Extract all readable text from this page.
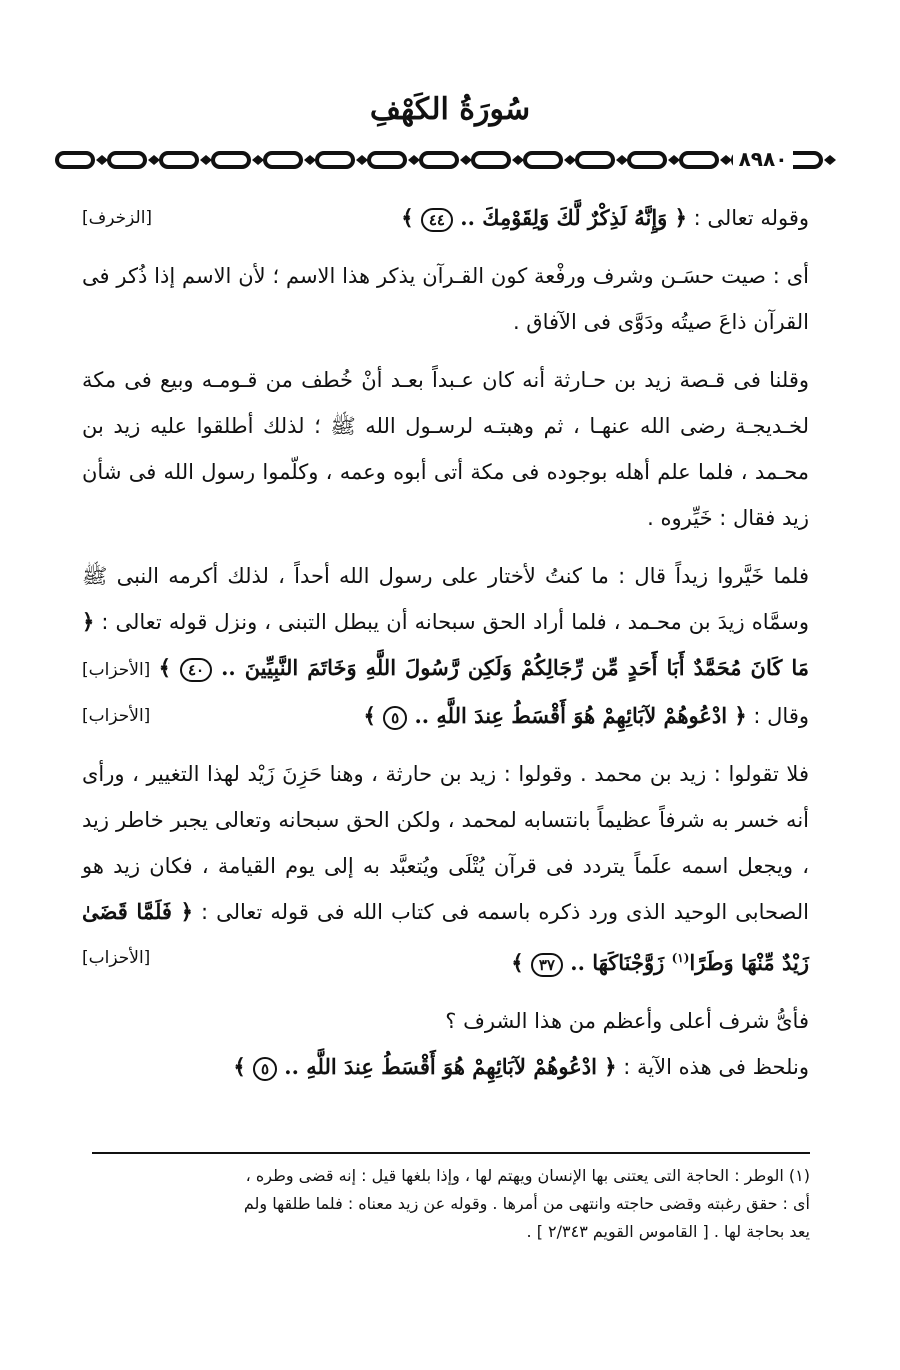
سُورَةُ الكَهْفِ
٨٩٨٠

وقوله تعالى : ﴿ وَإِنَّهُ لَذِكْرٌ لَّكَ وَلِقَوْمِكَ .. ٤٤ ﴾
[الزخرف]

أى : صيت حسَـن وشرف ورفْعة كون القـرآن يذكر هذا الاسم ؛ لأن الاسم إذا ذُكر فى القرآن ذاعَ صيتُه ودَوَّى فى الآفاق .

وقلنا فى قـصة زيد بن حـارثة أنه كان عـبداً بعـد أنْ خُطف من قـومـه وبيع فى مكة لخـديجـة رضى الله عنهـا ، ثم وهبتـه لرسـول الله ﷺ ؛ لذلك أطلقوا عليه زيد بن محـمد ، فلما علم أهله بوجوده فى مكة أتى أبوه وعمه ، وكلّموا رسول الله فى شأن زيد فقال : خَيِّروه .

فلما خَيَّروا زيداً قال : ما كنتُ لأختار على رسول الله أحداً ، لذلك أكرمه النبى ﷺ وسمَّاه زيدَ بن محـمد ، فلما أراد الحق سبحانه أن يبطل التبنى ، ونزل قوله تعالى : ﴿ مَا كَانَ مُحَمَّدٌ أَبَا أَحَدٍ مِّن رِّجَالِكُمْ وَلَكِن رَّسُولَ اللَّهِ وَخَاتَمَ النَّبِيِّينَ .. ٤٠ ﴾ [الأحزاب] وقال : ﴿ ادْعُوهُمْ لآبَائِهِمْ هُوَ أَقْسَطُ عِندَ اللَّهِ .. ٥ ﴾
[الأحزاب]

فلا تقولوا : زيد بن محمد . وقولوا : زيد بن حارثة ، وهنا حَزِنَ زَيْد لهذا التغيير ، ورأى أنه خسر به شرفاً عظيماً بانتسابه لمحمد ، ولكن الحق سبحانه وتعالى يجبر خاطر زيد ، ويجعل اسمه علَماً يتردد فى قرآن يُتْلَى ويُتعبَّد به إلى يوم القيامة ، فكان زيد هو الصحابى الوحيد الذى ورد ذكره باسمه فى كتاب الله فى قوله تعالى : ﴿ فَلَمَّا قَضَىٰ زَيْدٌ مِّنْهَا وَطَرًا$^{(١)}$ زَوَّجْنَاكَهَا .. ٣٧ ﴾
[الأحزاب]

فأىُّ شرف أعلى وأعظم من هذا الشرف ؟

ونلحظ فى هذه الآية : ﴿ ادْعُوهُمْ لآبَائِهِمْ هُوَ أَقْسَطُ عِندَ اللَّهِ .. ٥ ﴾

(١) الوطر : الحاجة التى يعتنى بها الإنسان ويهتم لها ، وإذا بلغها قيل : إنه قضى وطره ،

أى : حقق رغبته وقضى حاجته وانتهى من أمرها . وقوله عن زيد معناه : فلما طلقها ولم

يعد بحاجة لها . [ القاموس القويم ٢/٣٤٣ ] .
